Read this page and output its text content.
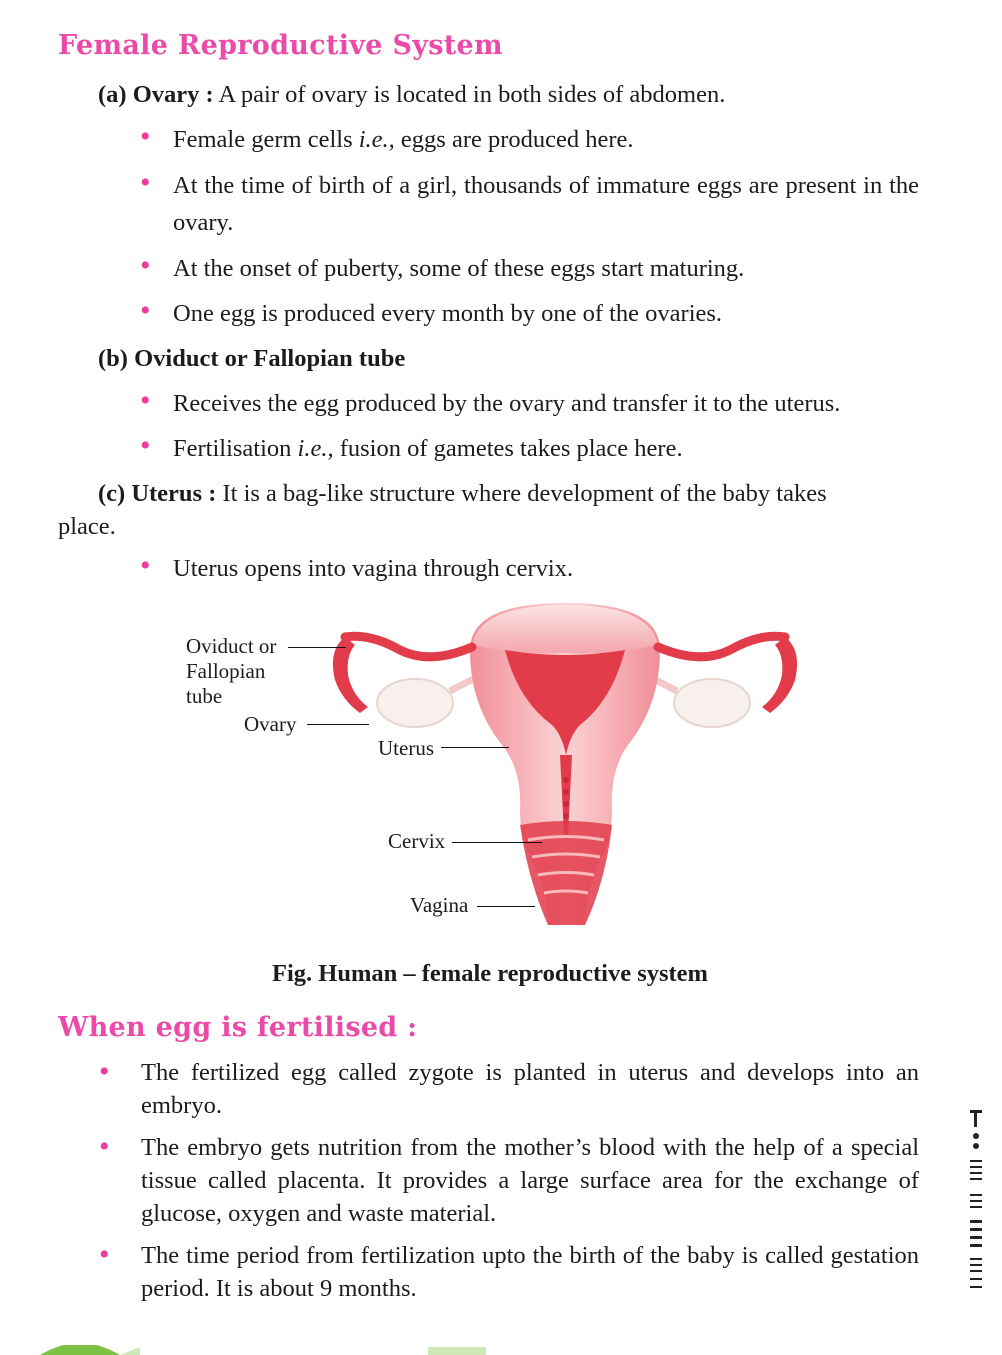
Female Reproductive System

(a) Ovary : A pair of ovary is located in both sides of abdomen.

•
Female germ cells i.e., eggs are produced here.
•
At the time of birth of a girl, thousands of immature eggs are present in the ovary.
•
At the onset of puberty, some of these eggs start maturing.
•
One egg is produced every month by one of the ovaries.

(b) Oviduct or Fallopian tube

•
Receives the egg produced by the ovary and transfer it to the uterus.
•
Fertilisation i.e., fusion of gametes takes place here.

(c) Uterus : It is a bag-like structure where development of the baby takes

place.

•
Uterus opens into vagina through cervix.
Oviduct or
Fallopian
tube
Ovary
Uterus
Cervix
Vagina
Fig. Human – female reproductive system
When egg is fertilised :
•
The fertilized egg called zygote is planted in uterus and develops into an embryo.
•
The embryo gets nutrition from the mother’s blood with the help of a special tissue called placenta. It provides a large surface area for the exchange of glucose, oxygen and waste material.
•
The time period from fertilization upto the birth of the baby is called gestation period. It is about 9 months.
